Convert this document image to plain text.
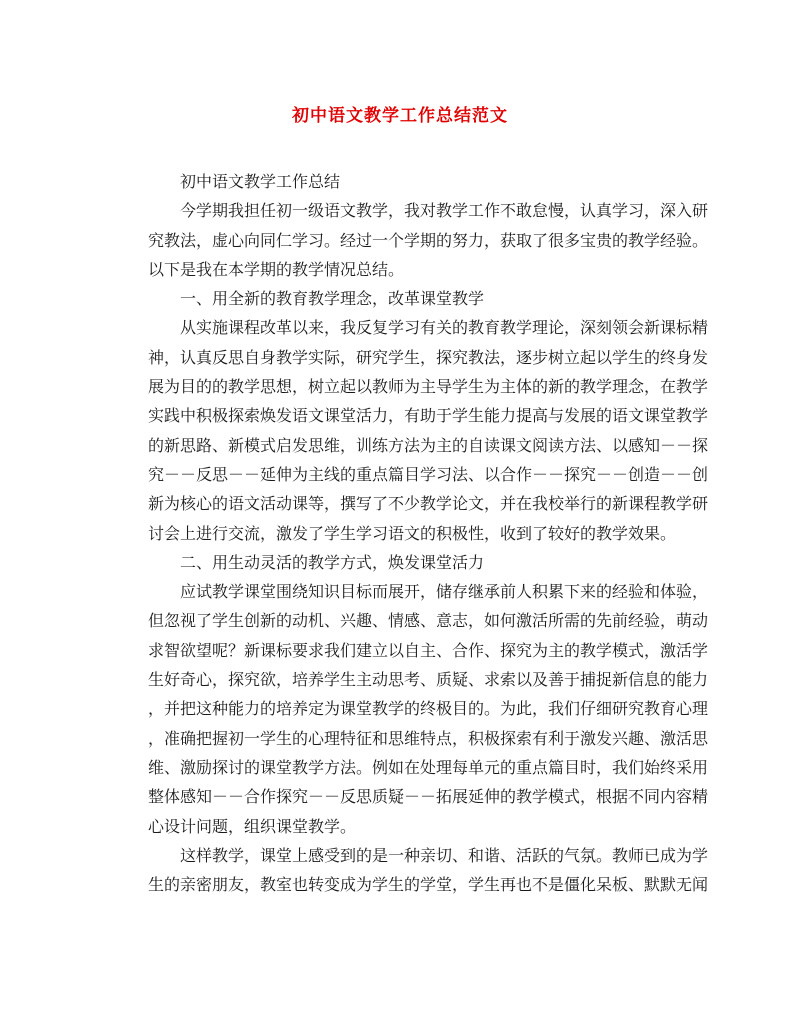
初中语文教学工作总结范文
初中语文教学工作总结
今学期我担任初一级语文教学，我对教学工作不敢怠慢，认真学习，深入研
究教法，虚心向同仁学习。经过一个学期的努力，获取了很多宝贵的教学经验。
以下是我在本学期的教学情况总结。
一、用全新的教育教学理念，改革课堂教学
从实施课程改革以来，我反复学习有关的教育教学理论，深刻领会新课标精
神，认真反思自身教学实际，研究学生，探究教法，逐步树立起以学生的终身发
展为目的的教学思想，树立起以教师为主导学生为主体的新的教学理念，在教学
实践中积极探索焕发语文课堂活力，有助于学生能力提高与发展的语文课堂教学
的新思路、新模式启发思维，训练方法为主的自读课文阅读方法、以感知－－探
究－－反思－－延伸为主线的重点篇目学习法、以合作－－探究－－创造－－创
新为核心的语文活动课等，撰写了不少教学论文，并在我校举行的新课程教学研
讨会上进行交流，激发了学生学习语文的积极性，收到了较好的教学效果。
二、用生动灵活的教学方式，焕发课堂活力
应试教学课堂围绕知识目标而展开，储存继承前人积累下来的经验和体验，
但忽视了学生创新的动机、兴趣、情感、意志，如何激活所需的先前经验，萌动
求智欲望呢？新课标要求我们建立以自主、合作、探究为主的教学模式，激活学
生好奇心，探究欲，培养学生主动思考、质疑、求索以及善于捕捉新信息的能力
，并把这种能力的培养定为课堂教学的终极目的。为此，我们仔细研究教育心理
，准确把握初一学生的心理特征和思维特点，积极探索有利于激发兴趣、激活思
维、激励探讨的课堂教学方法。例如在处理每单元的重点篇目时，我们始终采用
整体感知－－合作探究－－反思质疑－－拓展延伸的教学模式，根据不同内容精
心设计问题，组织课堂教学。
这样教学，课堂上感受到的是一种亲切、和谐、活跃的气氛。教师已成为学
生的亲密朋友，教室也转变成为学生的学堂，学生再也不是僵化呆板、默默无闻
